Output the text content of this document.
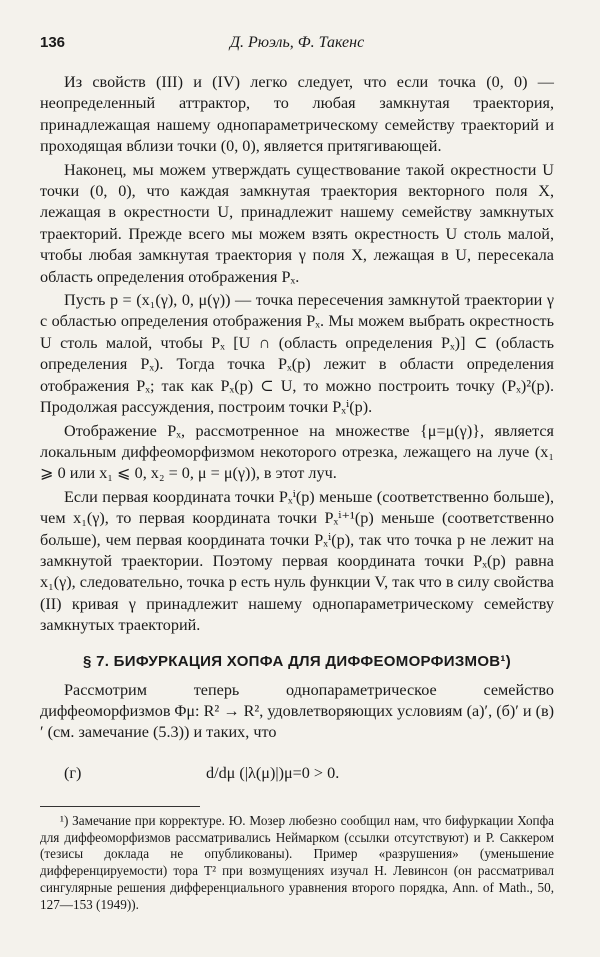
136	Д. Рюэль, Ф. Такенс

Из свойств (III) и (IV) легко следует, что если точка (0, 0) — неопределенный аттрактор, то любая замкнутая траектория, принадлежащая нашему однопараметрическому семейству траекторий и проходящая вблизи точки (0, 0), является притягивающей.

Наконец, мы можем утверждать существование такой окрестности U точки (0, 0), что каждая замкнутая траектория векторного поля X, лежащая в окрестности U, принадлежит нашему семейству замкнутых траекторий. Прежде всего мы можем взять окрестность U столь малой, чтобы любая замкнутая траектория γ поля X, лежащая в U, пересекала область определения отображения Pₓ.

Пусть p = (x₁(γ), 0, μ(γ)) — точка пересечения замкнутой траектории γ с областью определения отображения Pₓ. Мы можем выбрать окрестность U столь малой, чтобы Pₓ [U ∩ (область определения Pₓ)] ⊂ (область определения Pₓ). Тогда точка Pₓ(p) лежит в области определения отображения Pₓ; так как Pₓ(p) ⊂ U, то можно построить точку (Pₓ)²(p). Продолжая рассуждения, построим точки Pₓⁱ(p).

Отображение Pₓ, рассмотренное на множестве {μ=μ(γ)}, является локальным диффеоморфизмом некоторого отрезка, лежащего на луче (x₁ ⩾ 0 или x₁ ⩽ 0, x₂ = 0, μ = μ(γ)), в этот луч.

Если первая координата точки Pₓⁱ(p) меньше (соответственно больше), чем x₁(γ), то первая координата точки Pₓⁱ⁺¹(p) меньше (соответственно больше), чем первая координата точки Pₓⁱ(p), так что точка p не лежит на замкнутой траектории. Поэтому первая координата точки Pₓ(p) равна x₁(γ), следовательно, точка p есть нуль функции V, так что в силу свойства (II) кривая γ принадлежит нашему однопараметрическому семейству замкнутых траекторий.

§ 7. БИФУРКАЦИЯ ХОПФА ДЛЯ ДИФФЕОМОРФИЗМОВ¹)

Рассмотрим теперь однопараметрическое семейство диффеоморфизмов Φμ: R² → R², удовлетворяющих условиям (а)′, (б)′ и (в)′ (см. замечание (5.3)) и таких, что

(г)	d/dμ (|λ(μ)|)μ=0 > 0.

¹) Замечание при корректуре. Ю. Мозер любезно сообщил нам, что бифуркации Хопфа для диффеоморфизмов рассматривались Неймарком (ссылки отсутствуют) и Р. Саккером (тезисы доклада не опубликованы). Пример «разрушения» (уменьшение дифференцируемости) тора T² при возмущениях изучал Н. Левинсон (он рассматривал сингулярные решения дифференциального уравнения второго порядка, Ann. of Math., 50, 127—153 (1949)).
